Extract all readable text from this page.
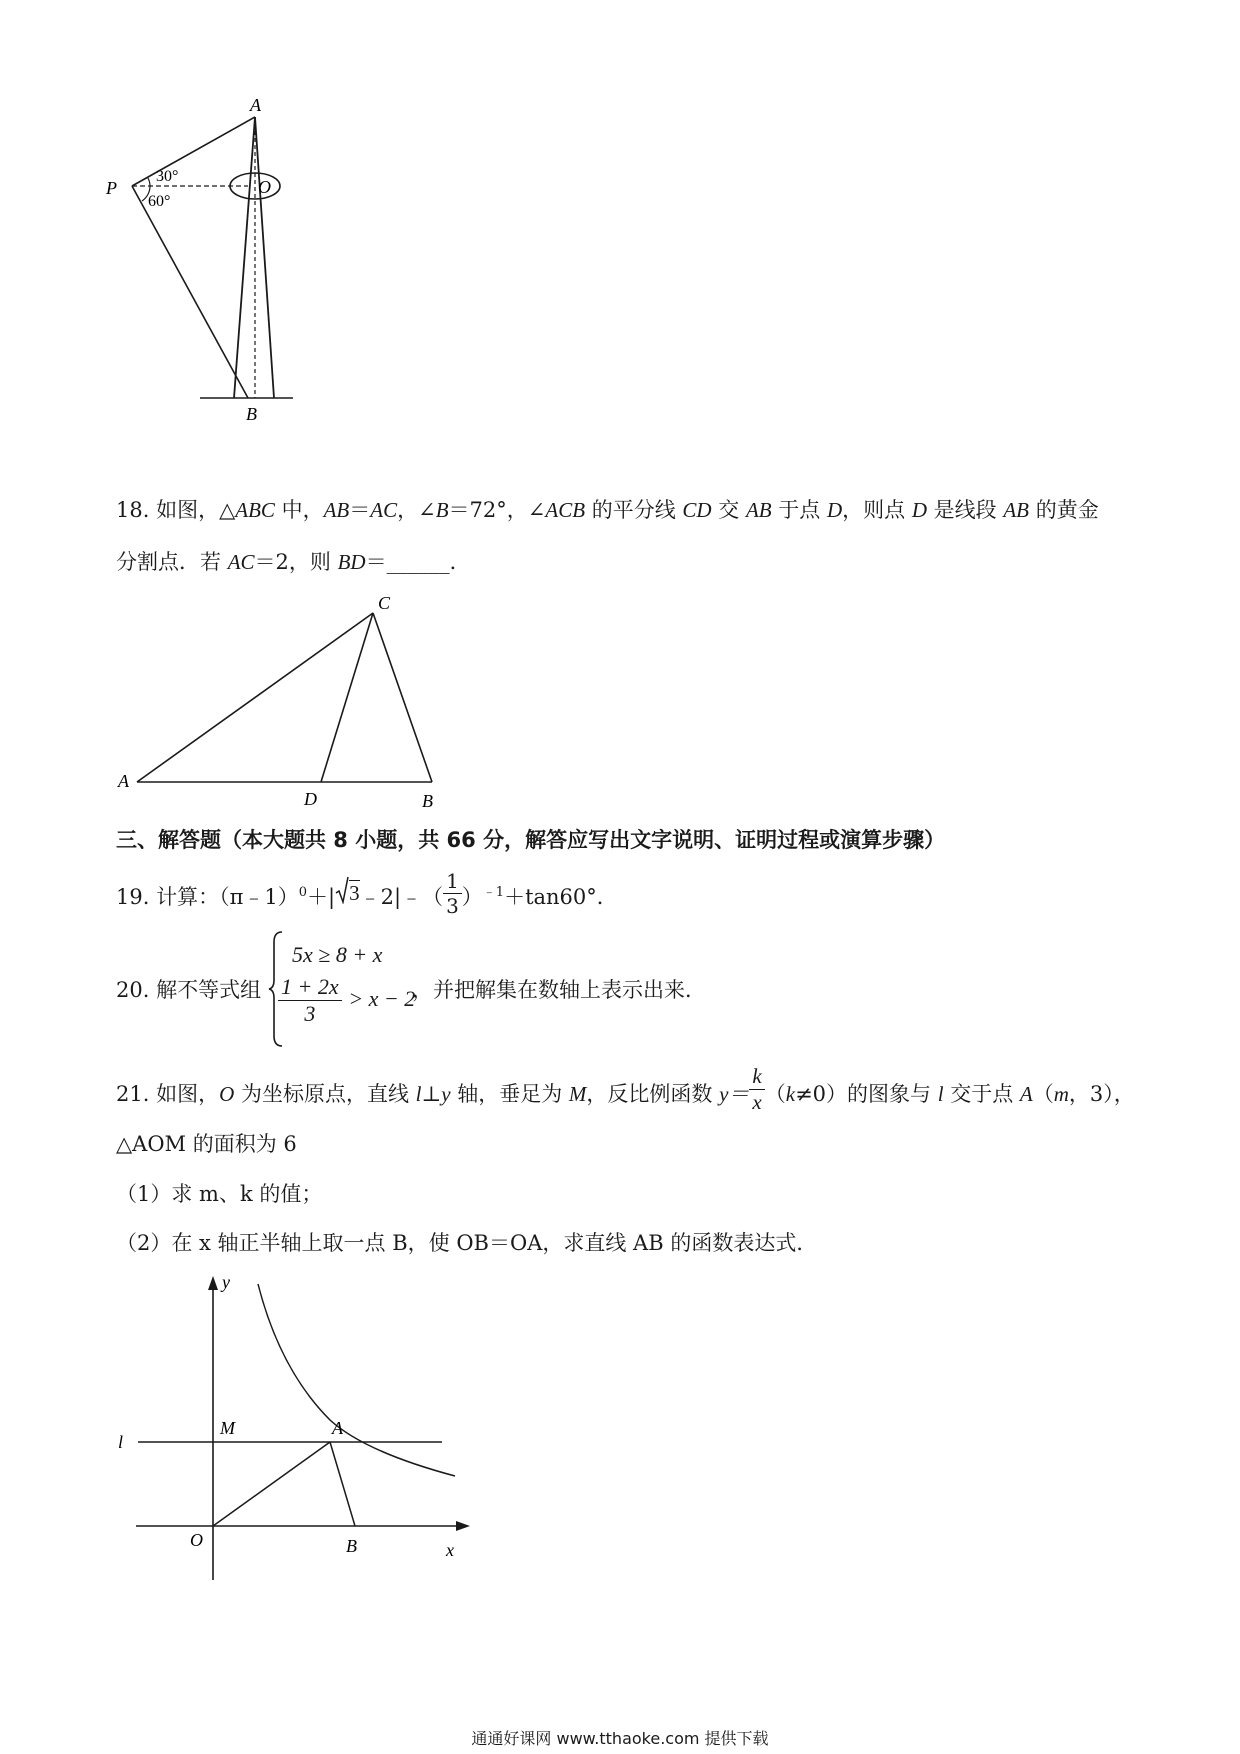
A
P	O
B
30°
60°
18. 如图，△ABC 中，AB＝AC，∠B＝72°，∠ACB 的平分线 CD 交 AB 于点 D，则点 D 是线段 AB 的黄金
分割点．若 AC＝2，则 BD＝______．
A
B
C
D
三、解答题（本大题共 8 小题，共 66 分，解答应写出文字说明、证明过程或演算步骤）
19. 计算：（π﹣1）$^0$＋| 3 ﹣2|﹣（ $\frac{1}{3} )^{﹣1}+\tan 60^\circ$．
20. 解不等式组
5x ≥ 8 + x
$\frac{1 + 2x}{3} > x - 2$
，并把解集在数轴上表示出来．
21. 如图，O 为坐标原点，直线 l⊥y 轴，垂足为 M，反比例函数 $y= \frac{k}{x} (k\ne 0)$的图象与 l 交于点 A（m，3），
△AOM 的面积为 6
（1）求 m、k 的值；
（2）在 x 轴正半轴上取一点 B，使 OB＝OA，求直线 AB 的函数表达式．
y
x
O
M	A
B
l
通通好课网 www.tthaoke.com 提供下载
